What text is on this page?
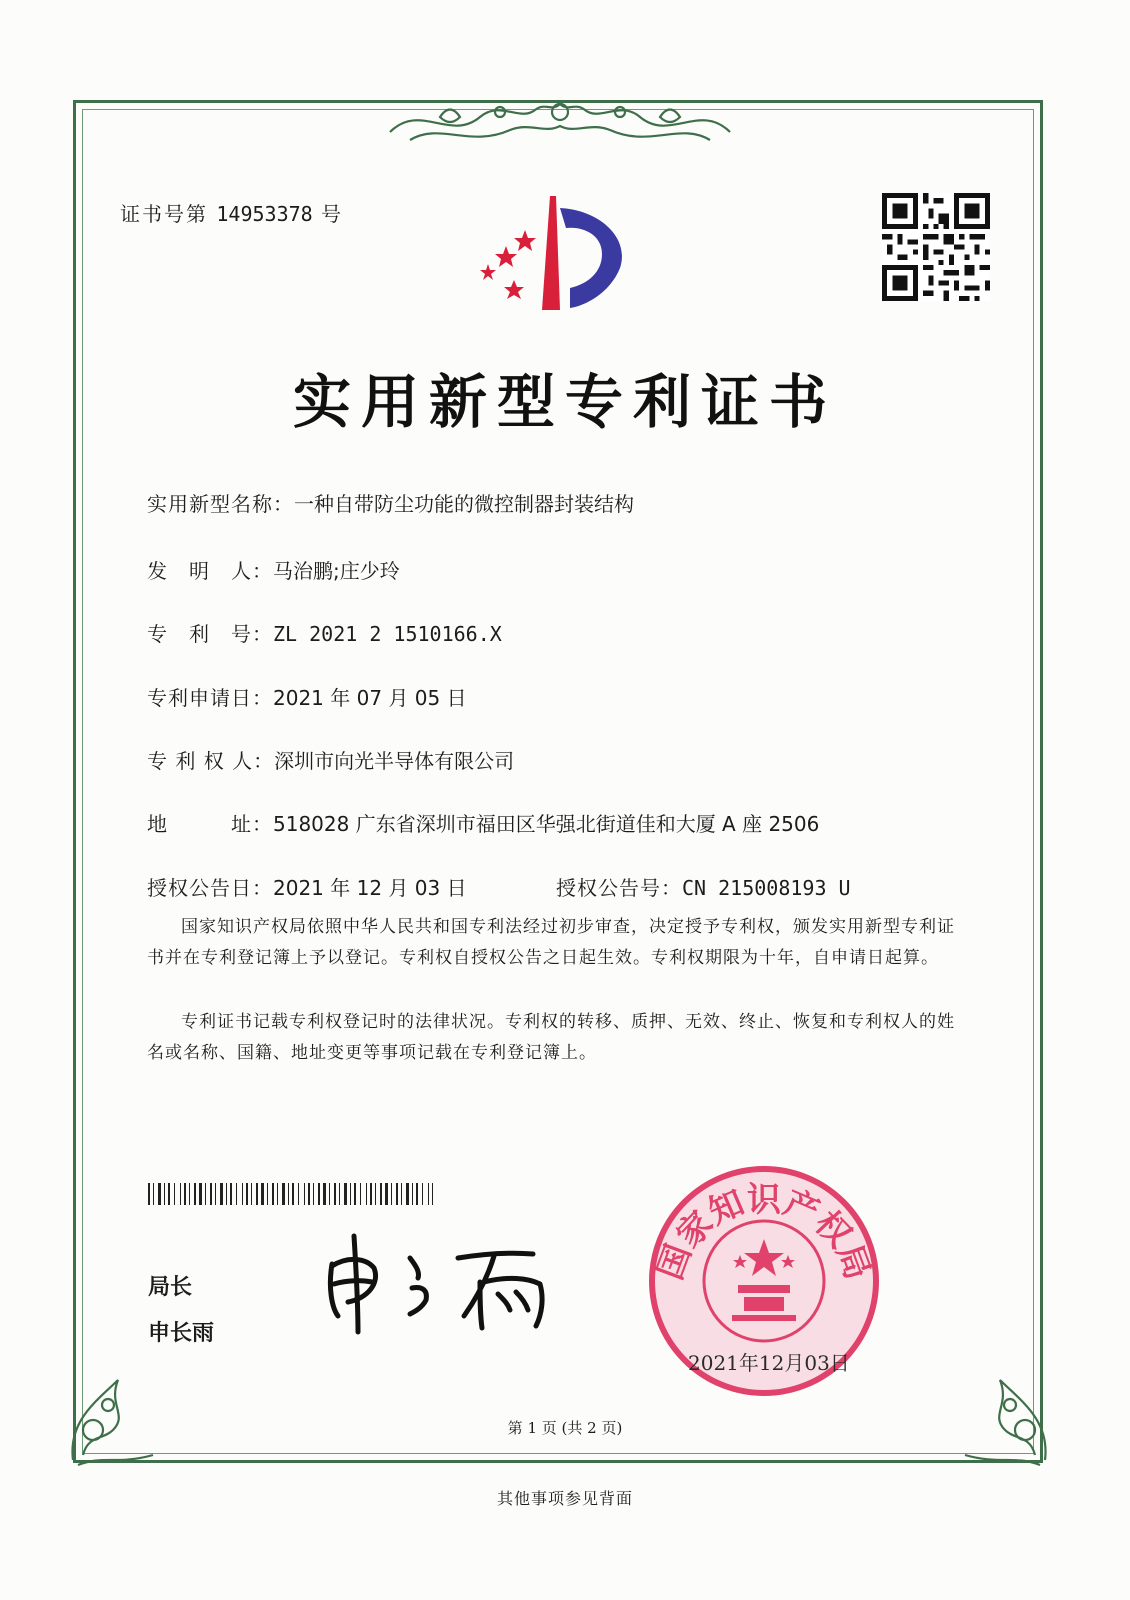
证书号第 14953378 号
实用新型专利证书
实用新型名称：一种自带防尘功能的微控制器封装结构
发　明　人：马治鹏;庄少玲
专　利　号：ZL 2021 2 1510166.X
专利申请日：2021 年 07 月 05 日
专 利 权 人：深圳市向光半导体有限公司
地　　　址：518028 广东省深圳市福田区华强北街道佳和大厦 A 座 2506
授权公告日：2021 年 12 月 03 日	授权公告号：CN 215008193 U

国家知识产权局依照中华人民共和国专利法经过初步审查，决定授予专利权，颁发实用新型专利证书并在专利登记簿上予以登记。专利权自授权公告之日起生效。专利权期限为十年，自申请日起算。

专利证书记载专利权登记时的法律状况。专利权的转移、质押、无效、终止、恢复和专利权人的姓名或名称、国籍、地址变更等事项记载在专利登记簿上。

局长
申长雨
国家知识产权局
2021年12月03日
第 1 页 (共 2 页)
其他事项参见背面
